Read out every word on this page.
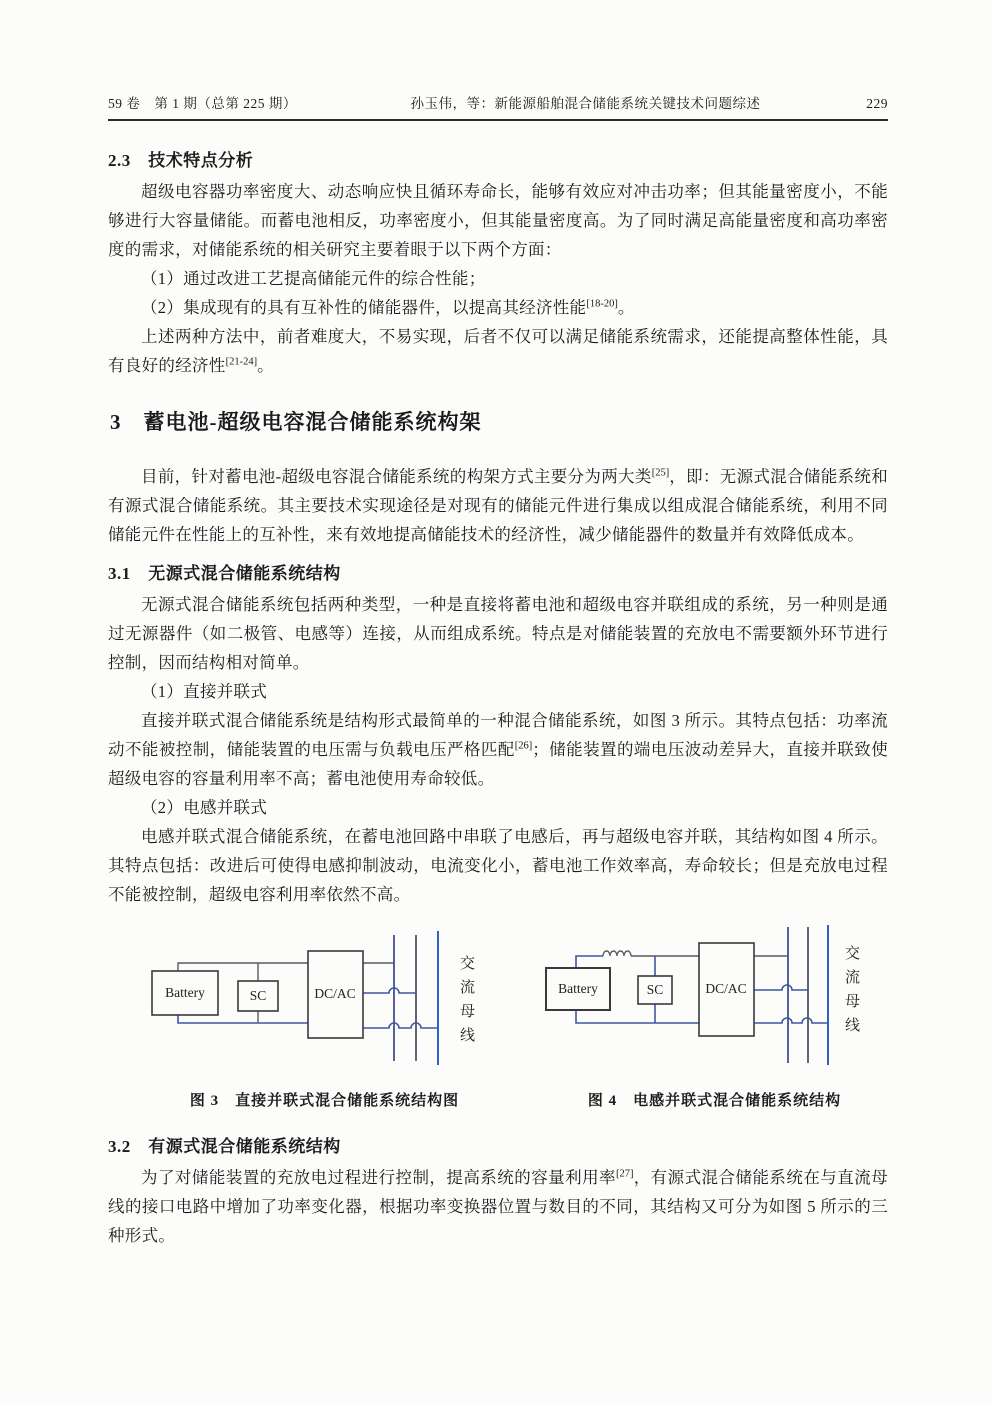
59 卷　第 1 期（总第 225 期）	孙玉伟，等：新能源船舶混合储能系统关键技术问题综述	229
2.3　技术特点分析

超级电容器功率密度大、动态响应快且循环寿命长，能够有效应对冲击功率；但其能量密度小，不能够进行大容量储能。而蓄电池相反，功率密度小，但其能量密度高。为了同时满足高能量密度和高功率密度的需求，对储能系统的相关研究主要着眼于以下两个方面：

（1）通过改进工艺提高储能元件的综合性能；

（2）集成现有的具有互补性的储能器件，以提高其经济性能[18-20]。

上述两种方法中，前者难度大，不易实现，后者不仅可以满足储能系统需求，还能提高整体性能，具有良好的经济性[21-24]。

3　蓄电池-超级电容混合储能系统构架

目前，针对蓄电池-超级电容混合储能系统的构架方式主要分为两大类[25]，即：无源式混合储能系统和有源式混合储能系统。其主要技术实现途径是对现有的储能元件进行集成以组成混合储能系统，利用不同储能元件在性能上的互补性，来有效地提高储能技术的经济性，减少储能器件的数量并有效降低成本。

3.1　无源式混合储能系统结构

无源式混合储能系统包括两种类型，一种是直接将蓄电池和超级电容并联组成的系统，另一种则是通过无源器件（如二极管、电感等）连接，从而组成系统。特点是对储能装置的充放电不需要额外环节进行控制，因而结构相对简单。

（1）直接并联式

直接并联式混合储能系统是结构形式最简单的一种混合储能系统，如图 3 所示。其特点包括：功率流动不能被控制，储能装置的电压需与负载电压严格匹配[26]；储能装置的端电压波动差异大，直接并联致使超级电容的容量利用率不高；蓄电池使用寿命较低。

（2）电感并联式

电感并联式混合储能系统，在蓄电池回路中串联了电感后，再与超级电容并联，其结构如图 4 所示。其特点包括：改进后可使得电感抑制波动，电流变化小，蓄电池工作效率高，寿命较长；但是充放电过程不能被控制，超级电容利用率依然不高。

Battery	SC	DC/AC	交流母线
图 3　直接并联式混合储能系统结构图
Battery	SC	DC/AC	交流母线
图 4　电感并联式混合储能系统结构
3.2　有源式混合储能系统结构

为了对储能装置的充放电过程进行控制，提高系统的容量利用率[27]，有源式混合储能系统在与直流母线的接口电路中增加了功率变化器，根据功率变换器位置与数目的不同，其结构又可分为如图 5 所示的三种形式。
